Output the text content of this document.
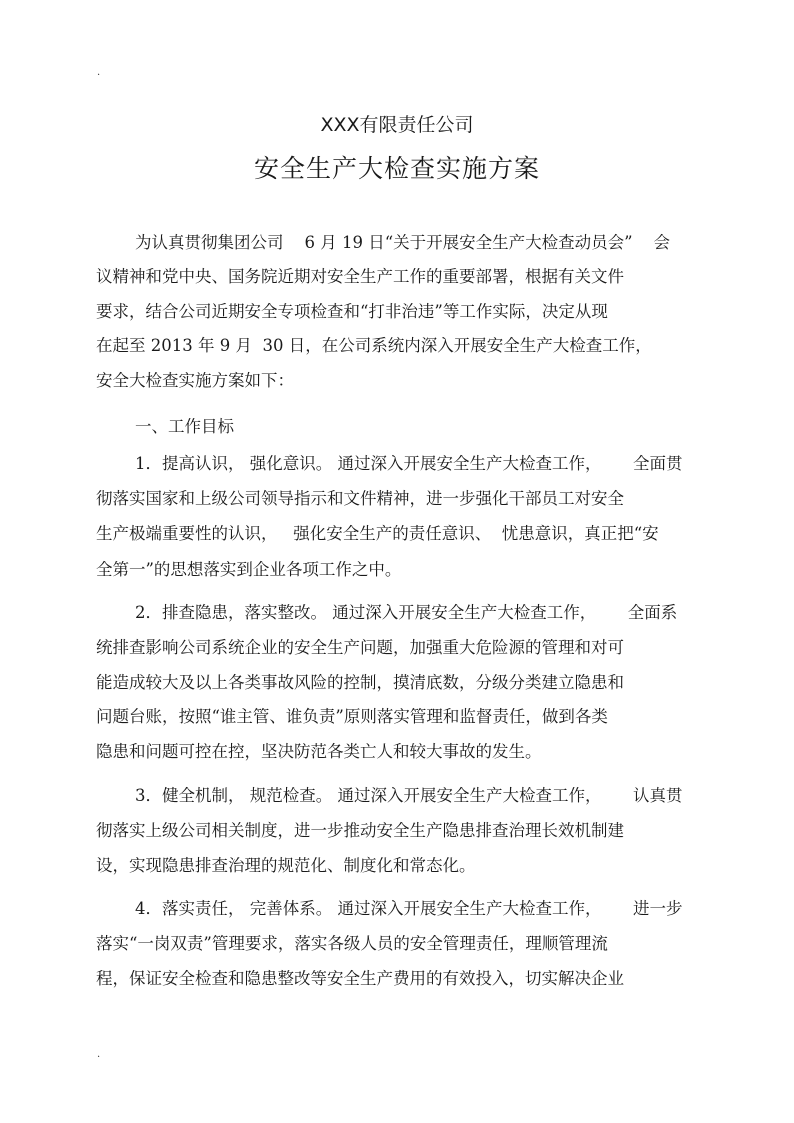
.
XXX有限责任公司
安全生产大检查实施方案
为认真贯彻集团公司    6 月 19 日“关于开展安全生产大检查动员会”    会
议精神和党中央、国务院近期对安全生产工作的重要部署，根据有关文件
要求，结合公司近期安全专项检查和“打非治违”等工作实际，决定从现
在起至 2013 年 9 月  30 日，在公司系统内深入开展安全生产大检查工作，
安全大检查实施方案如下：
一、工作目标
1．提高认识， 强化意识。 通过深入开展安全生产大检查工作，      全面贯
彻落实国家和上级公司领导指示和文件精神，进一步强化干部员工对安全
生产极端重要性的认识，   强化安全生产的责任意识、  忧患意识，真正把“安
全第一”的思想落实到企业各项工作之中。
2．排查隐患，落实整改。 通过深入开展安全生产大检查工作，      全面系
统排查影响公司系统企业的安全生产问题，加强重大危险源的管理和对可
能造成较大及以上各类事故风险的控制，摸清底数，分级分类建立隐患和
问题台账，按照“谁主管、谁负责”原则落实管理和监督责任，做到各类
隐患和问题可控在控，坚决防范各类亡人和较大事故的发生。
3．健全机制， 规范检查。 通过深入开展安全生产大检查工作，      认真贯
彻落实上级公司相关制度，进一步推动安全生产隐患排查治理长效机制建
设，实现隐患排查治理的规范化、制度化和常态化。
4．落实责任， 完善体系。 通过深入开展安全生产大检查工作，      进一步
落实“一岗双责”管理要求，落实各级人员的安全管理责任，理顺管理流
程，保证安全检查和隐患整改等安全生产费用的有效投入，切实解决企业
.
